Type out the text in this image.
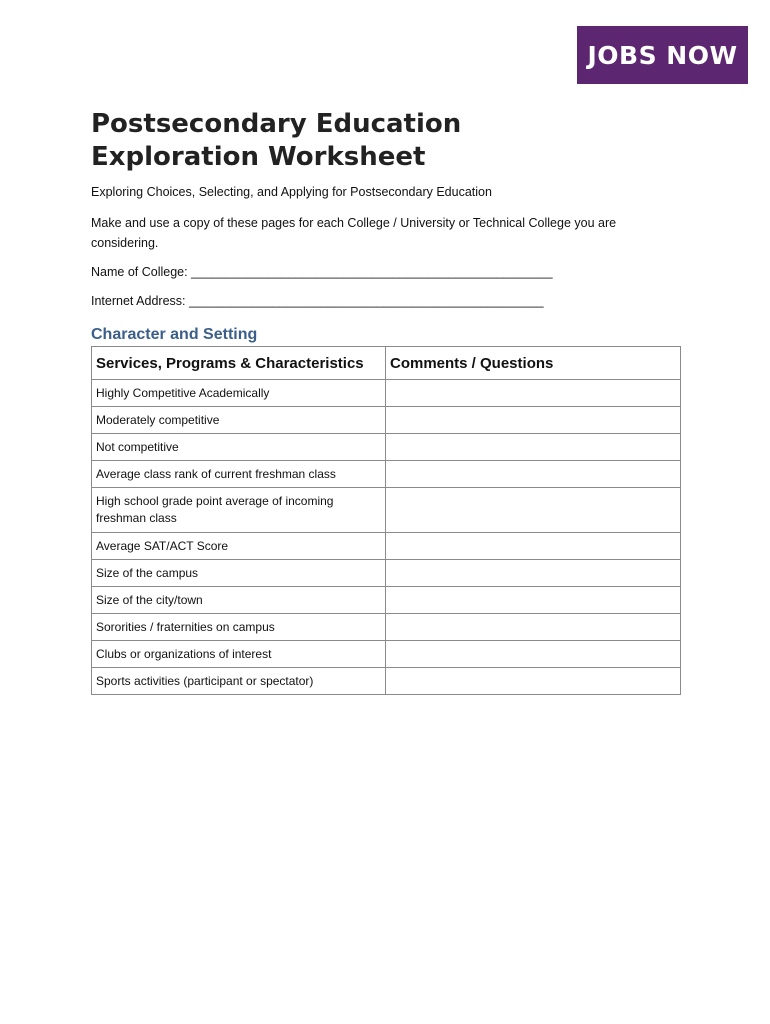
JOBS NOW
Postsecondary Education Exploration Worksheet

Exploring Choices, Selecting, and Applying for Postsecondary Education

Make and use a copy of these pages for each College / University or Technical College you are considering.

Name of College: ____________________________________________________

Internet Address: ___________________________________________________

Character and Setting
Services, Programs & Characteristics	Comments / Questions
Highly Competitive Academically	
Moderately competitive	
Not competitive	
Average class rank of current freshman class	
High school grade point average of incoming freshman class	
Average SAT/ACT Score	
Size of the campus	
Size of the city/town	
Sororities / fraternities on campus	
Clubs or organizations of interest	
Sports activities (participant or spectator)	
